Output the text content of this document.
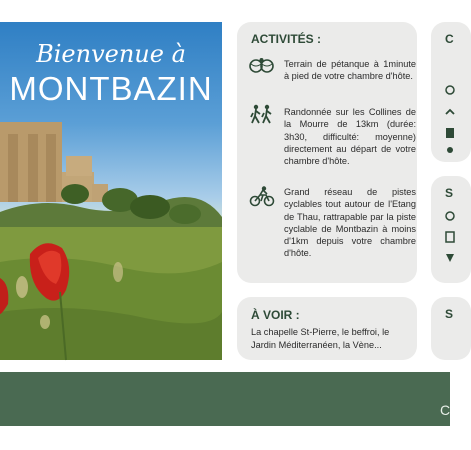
Bienvenue à
MONTBAZIN
ACTIVITÉS :
Terrain de pétanque à 1minute à pied de votre chambre d'hôte.
Randonnée sur les Collines de la Mourre de 13km (durée: 3h30, difficulté: moyenne) directement au départ de votre chambre d'hôte.
Grand réseau de pistes cyclables tout autour de l'Etang de Thau, rattrapable par la piste cyclable de Montbazin à moins d'1km depuis votre chambre d'hôte.
À VOIR :
La chapelle St-Pierre, le beffroi, le Jardin Méditerranéen, la Vène...
C
S
S
C
